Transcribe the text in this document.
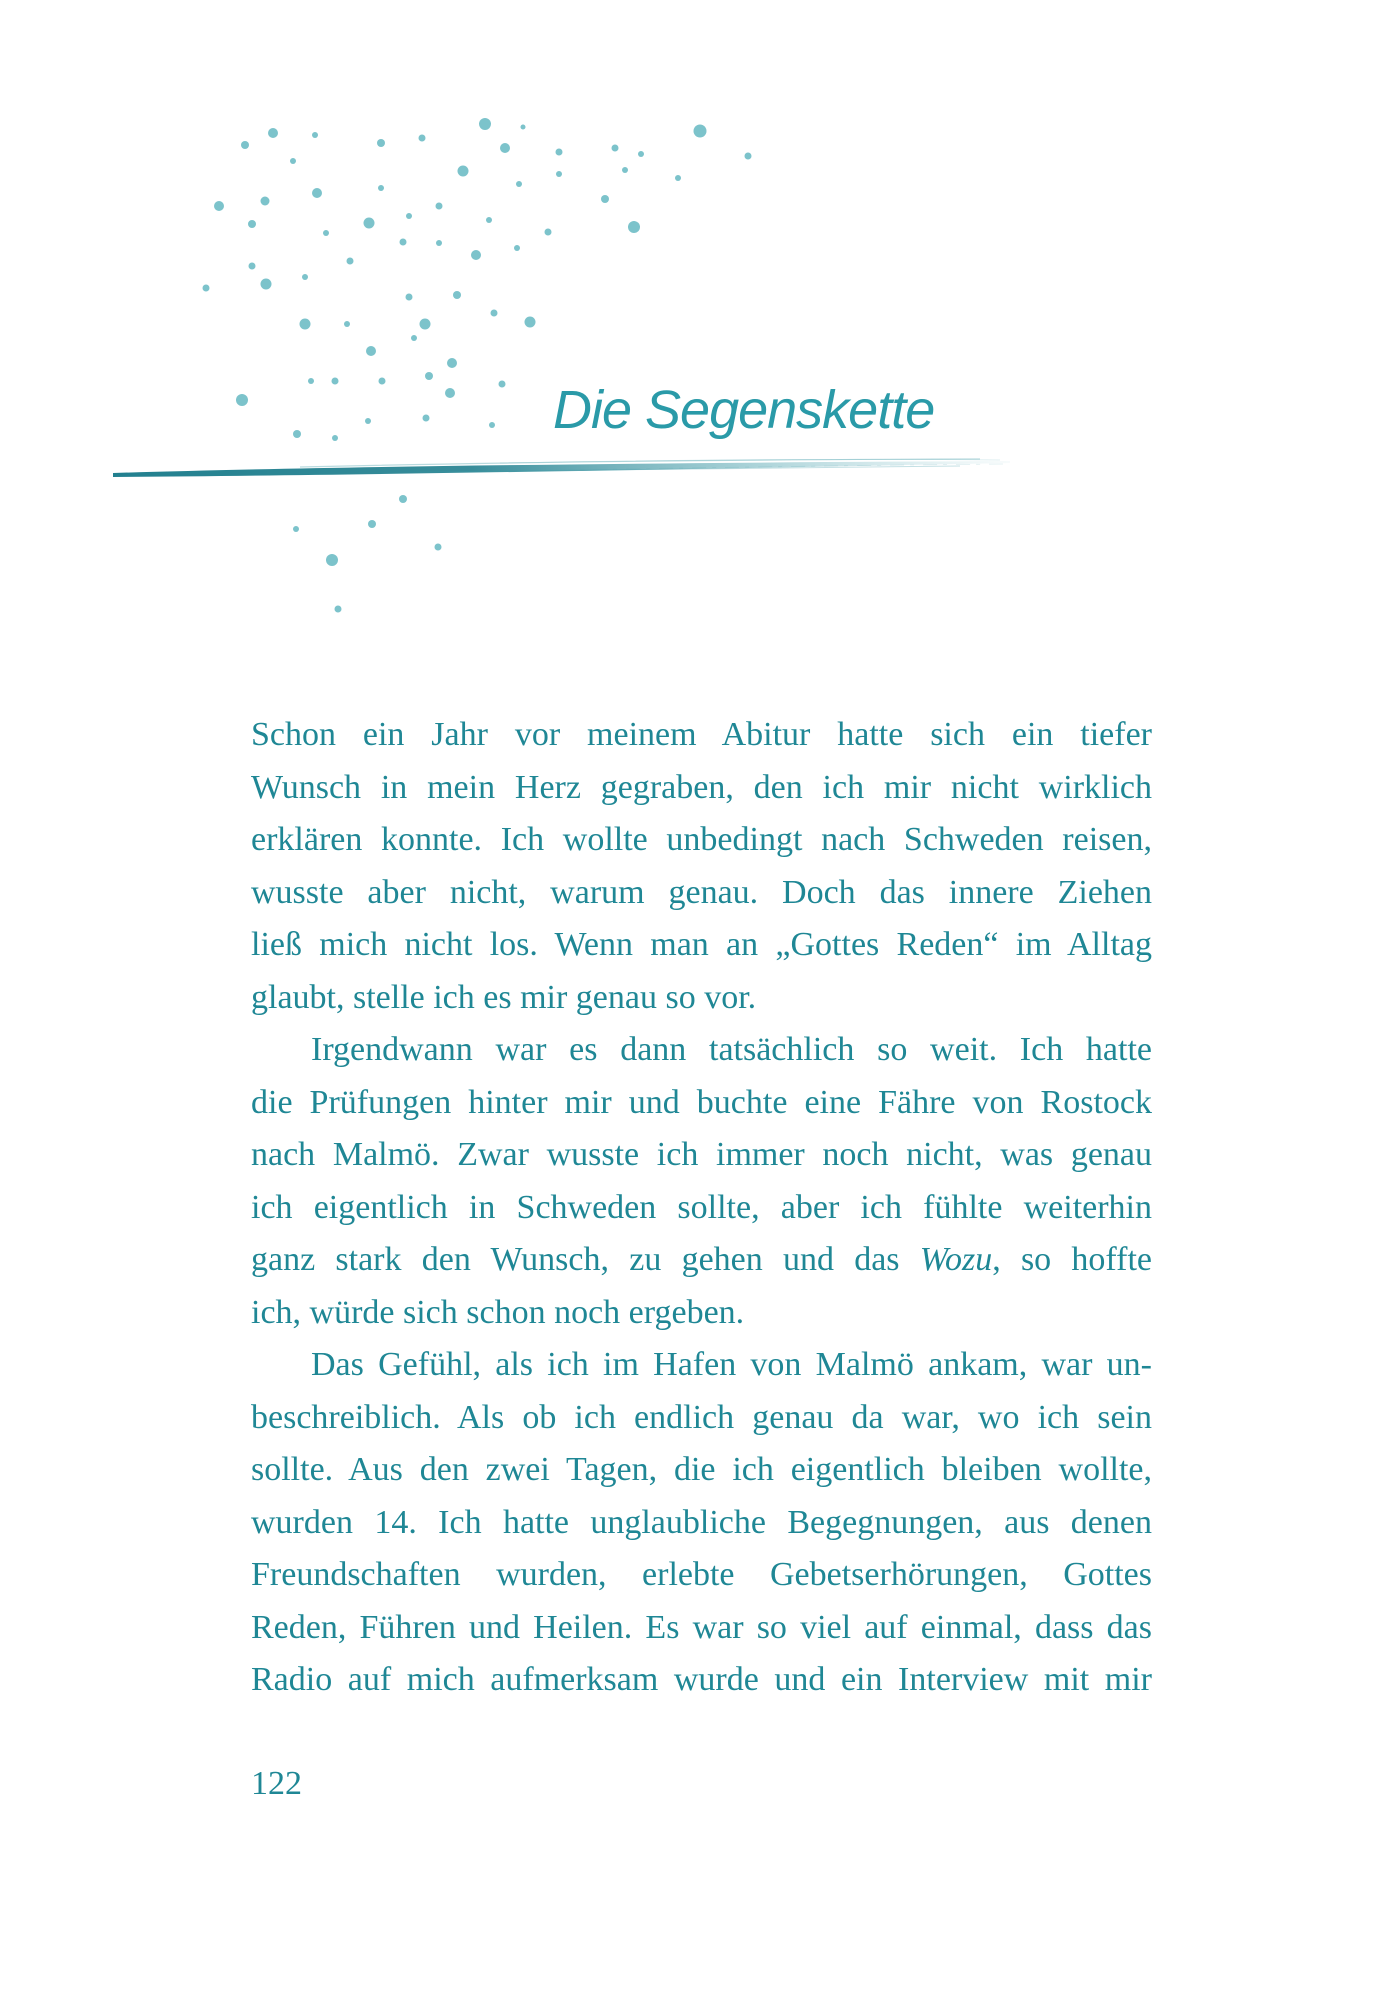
Die Segenskette
Schon ein Jahr vor meinem Abitur hatte sich ein tiefer
Wunsch in mein Herz gegraben, den ich mir nicht wirklich
erklären konnte. Ich wollte unbedingt nach Schweden reisen,
wusste aber nicht, warum genau. Doch das innere Ziehen
ließ mich nicht los. Wenn man an „Gottes Reden“ im Alltag
glaubt, stelle ich es mir genau so vor.
Irgendwann war es dann tatsächlich so weit. Ich hatte
die Prüfungen hinter mir und buchte eine Fähre von Rostock
nach Malmö. Zwar wusste ich immer noch nicht, was genau
ich eigentlich in Schweden sollte, aber ich fühlte weiterhin
ganz stark den Wunsch, zu gehen und das Wozu, so hoffte
ich, würde sich schon noch ergeben.
Das Gefühl, als ich im Hafen von Malmö ankam, war un-
beschreiblich. Als ob ich endlich genau da war, wo ich sein
sollte. Aus den zwei Tagen, die ich eigentlich bleiben wollte,
wurden 14. Ich hatte unglaubliche Begegnungen, aus denen
Freundschaften wurden, erlebte Gebetserhörungen, Gottes
Reden, Führen und Heilen. Es war so viel auf einmal, dass das
Radio auf mich aufmerksam wurde und ein Interview mit mir
122
